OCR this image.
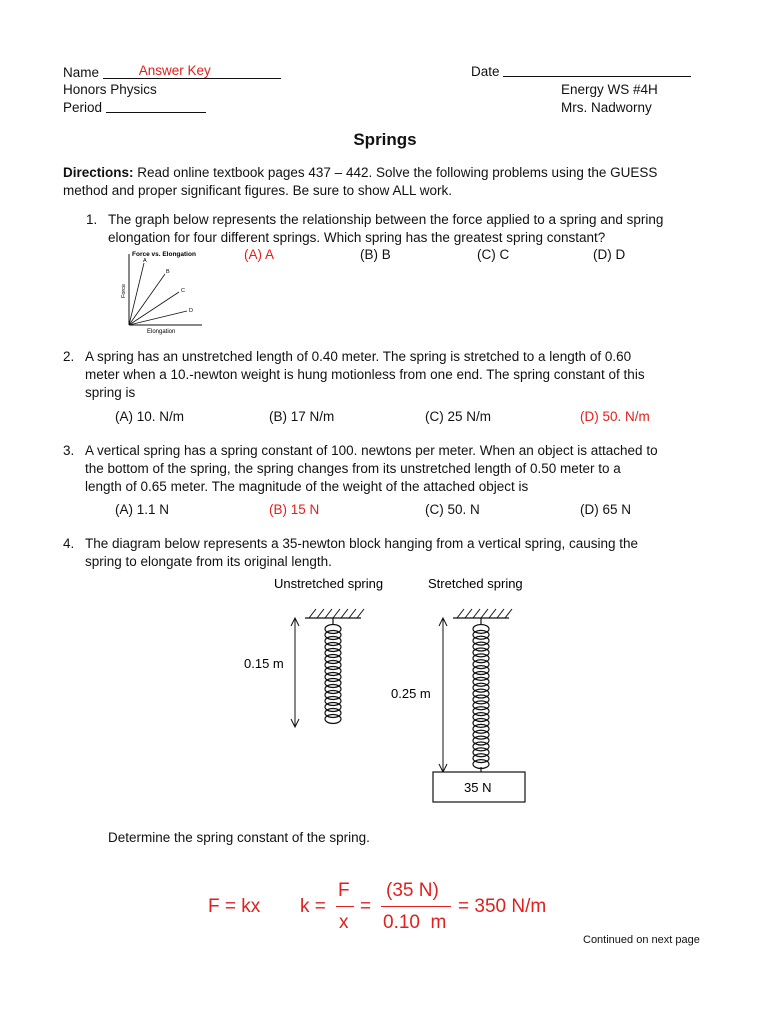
Name	Answer Key
Honors Physics
Period
Date
Energy WS #4H
Mrs. Nadworny
Springs
Directions: Read online textbook pages 437 – 442. Solve the following problems using the GUESS
method and proper significant figures. Be sure to show ALL work.
1. The graph below represents the relationship between the force applied to a spring and spring
elongation for four different springs. Which spring has the greatest spring constant?
Force vs. Elongation
A
B
C
D
Force
Elongation
(A) A	(B) B	(C) C	(D) D
2. A spring has an unstretched length of 0.40 meter. The spring is stretched to a length of 0.60
meter when a 10.-newton weight is hung motionless from one end. The spring constant of this
spring is
(A) 10. N/m	(B) 17 N/m	(C) 25 N/m	(D) 50. N/m
3. A vertical spring has a spring constant of 100. newtons per meter. When an object is attached to
the bottom of the spring, the spring changes from its unstretched length of 0.50 meter to a
length of 0.65 meter. The magnitude of the weight of the attached object is
(A) 1.1 N	(B) 15 N	(C) 50. N	(D) 65 N
4. The diagram below represents a 35-newton block hanging from a vertical spring, causing the
spring to elongate from its original length.
Unstretched spring	Stretched spring
0.15 m
0.25 m
35 N
Determine the spring constant of the spring.
F = kx k =
F
x
=
(35 N)
0.10  m
= 350 N/m
Continued on next page
